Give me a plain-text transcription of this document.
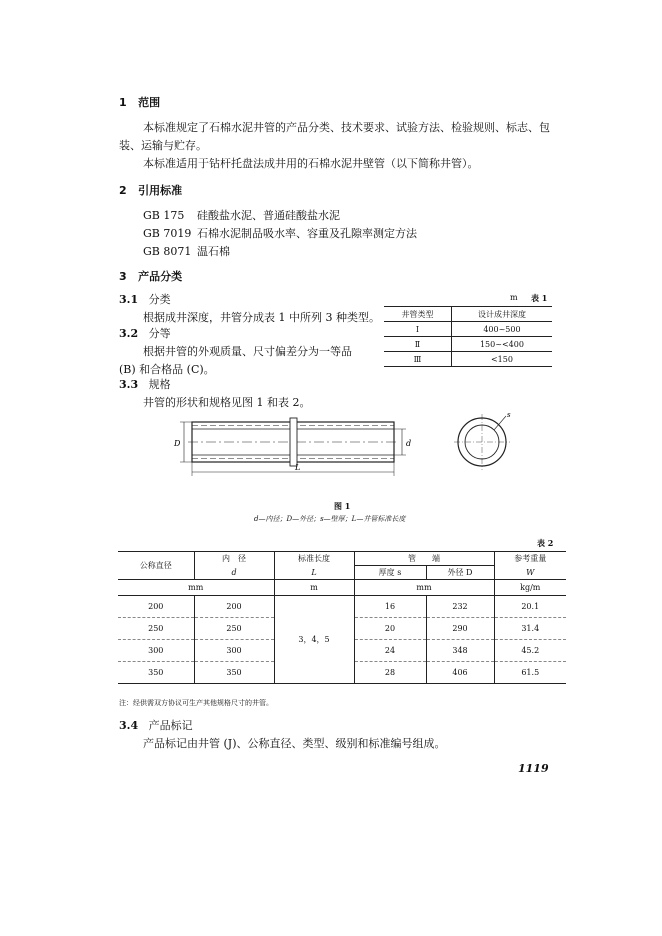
1 范围
本标准规定了石棉水泥井管的产品分类、技术要求、试验方法、检验规则、标志、包
装、运输与贮存。
本标准适用于钻杆托盘法成井用的石棉水泥井壁管（以下简称井管）。
2 引用标准
GB 175 硅酸盐水泥、普通硅酸盐水泥
GB 7019 石棉水泥制品吸水率、容重及孔隙率测定方法
GB 8071 温石棉
3 产品分类
3.1 分类
根据成井深度，井管分成表 1 中所列 3 种类型。
3.2 分等
根据井管的外观质量、尺寸偏差分为一等品
(B) 和合格品 (C)。
3.3 规格
井管的形状和规格见图 1 和表 2。
m 表 1
井管类型	设计成井深度
Ⅰ	400~500
Ⅱ	150~<400
Ⅲ	<150
D	d
L
s
图 1
d—内径；D—外径；s—壁厚；L—井管标准长度
表 2
公称直径	内　径	标准长度	管　　端		参考重量
	d	L	厚度 s	外径 D	W
mm		m	mm		kg/m
200	200	3，4，5	16	232	20.1
250	250		20	290	31.4
300	300		24	348	45.2
350	350		28	406	61.5
注：经供需双方协议可生产其他规格尺寸的井管。
3.4 产品标记
产品标记由井管 (J)、公称直径、类型、级别和标准编号组成。
1119
